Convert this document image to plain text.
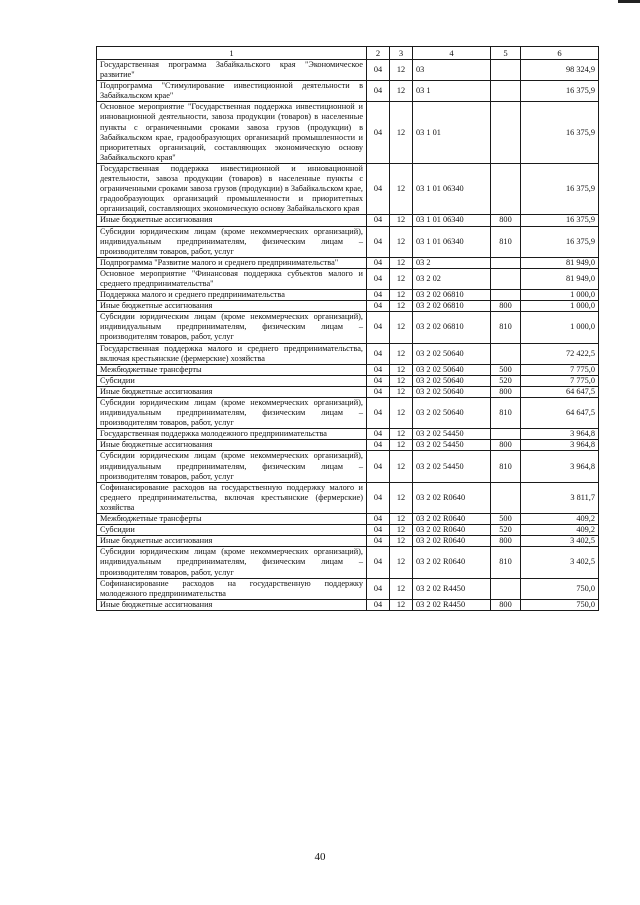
1	2	3	4	5	6
Государственная программа Забайкальского края "Экономическое развитие"	04	12	03		98 324,9
Подпрограмма "Стимулирование инвестиционной деятельности в Забайкальском крае"	04	12	03 1		16 375,9
Основное мероприятие "Государственная поддержка инвестиционной и инновационной деятельности, завоза продукции (товаров) в населенные пункты с ограниченными сроками завоза грузов (продукции) в Забайкальском крае, градообразующих организаций промышленности и приоритетных организаций, составляющих экономическую основу Забайкальского края"	04	12	03 1 01		16 375,9
Государственная поддержка инвестиционной и инновационной деятельности, завоза продукции (товаров) в населенные пункты с ограниченными сроками завоза грузов (продукции) в Забайкальском крае, градообразующих организаций промышленности и приоритетных организаций, составляющих экономическую основу Забайкальского края	04	12	03 1 01 06340		16 375,9
Иные бюджетные ассигнования	04	12	03 1 01 06340	800	16 375,9
Субсидии юридическим лицам (кроме некоммерческих организаций), индивидуальным предпринимателям, физическим лицам – производителям товаров, работ, услуг	04	12	03 1 01 06340	810	16 375,9
Подпрограмма "Развитие малого и среднего предпринимательства"	04	12	03 2		81 949,0
Основное мероприятие "Финансовая поддержка субъектов малого и среднего предпринимательства"	04	12	03 2 02		81 949,0
Поддержка малого и среднего предпринимательства	04	12	03 2 02 06810		1 000,0
Иные бюджетные ассигнования	04	12	03 2 02 06810	800	1 000,0
Субсидии юридическим лицам (кроме некоммерческих организаций), индивидуальным предпринимателям, физическим лицам – производителям товаров, работ, услуг	04	12	03 2 02 06810	810	1 000,0
Государственная поддержка малого и среднего предпринимательства, включая крестьянские (фермерские) хозяйства	04	12	03 2 02 50640		72 422,5
Межбюджетные трансферты	04	12	03 2 02 50640	500	7 775,0
Субсидии	04	12	03 2 02 50640	520	7 775,0
Иные бюджетные ассигнования	04	12	03 2 02 50640	800	64 647,5
Субсидии юридическим лицам (кроме некоммерческих организаций), индивидуальным предпринимателям, физическим лицам – производителям товаров, работ, услуг	04	12	03 2 02 50640	810	64 647,5
Государственная поддержка молодежного предпринимательства	04	12	03 2 02 54450		3 964,8
Иные бюджетные ассигнования	04	12	03 2 02 54450	800	3 964,8
Субсидии юридическим лицам (кроме некоммерческих организаций), индивидуальным предпринимателям, физическим лицам – производителям товаров, работ, услуг	04	12	03 2 02 54450	810	3 964,8
Софинансирование расходов на государственную поддержку малого и среднего предпринимательства, включая крестьянские (фермерские) хозяйства	04	12	03 2 02 R0640		3 811,7
Межбюджетные трансферты	04	12	03 2 02 R0640	500	409,2
Субсидии	04	12	03 2 02 R0640	520	409,2
Иные бюджетные ассигнования	04	12	03 2 02 R0640	800	3 402,5
Субсидии юридическим лицам (кроме некоммерческих организаций), индивидуальным предпринимателям, физическим лицам – производителям товаров, работ, услуг	04	12	03 2 02 R0640	810	3 402,5
Софинансирование расходов на государственную поддержку молодежного предпринимательства	04	12	03 2 02 R4450		750,0
Иные бюджетные ассигнования	04	12	03 2 02 R4450	800	750,0
40
